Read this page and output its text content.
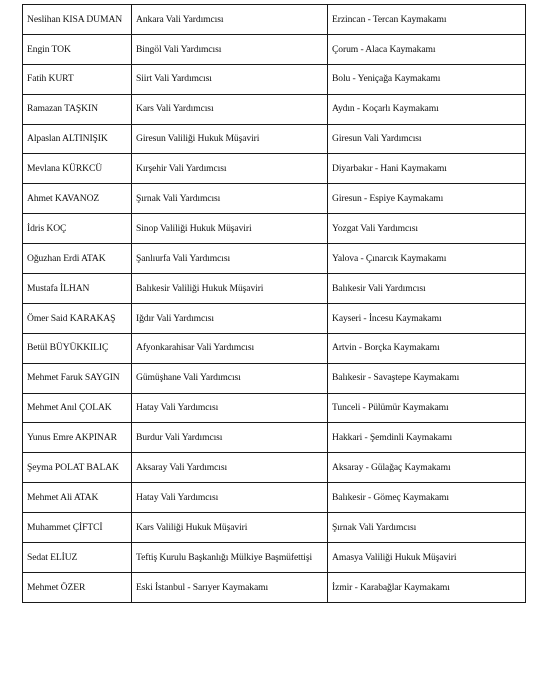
Neslihan KISA DUMAN	Ankara Vali Yardımcısı	Erzincan - Tercan Kaymakamı
Engin TOK	Bingöl Vali Yardımcısı	Çorum - Alaca Kaymakamı
Fatih KURT	Siirt Vali Yardımcısı	Bolu - Yeniçağa Kaymakamı
Ramazan TAŞKIN	Kars Vali Yardımcısı	Aydın - Koçarlı Kaymakamı
Alpaslan ALTINIŞIK	Giresun Valiliği Hukuk Müşaviri	Giresun Vali Yardımcısı
Mevlana KÜRKCÜ	Kırşehir Vali Yardımcısı	Diyarbakır - Hani Kaymakamı
Ahmet KAVANOZ	Şırnak Vali Yardımcısı	Giresun - Espiye Kaymakamı
İdris KOÇ	Sinop Valiliği Hukuk Müşaviri	Yozgat Vali Yardımcısı
Oğuzhan Erdi ATAK	Şanlıurfa Vali Yardımcısı	Yalova - Çınarcık Kaymakamı
Mustafa İLHAN	Balıkesir Valiliği Hukuk Müşaviri	Balıkesir Vali Yardımcısı
Ömer Said KARAKAŞ	Iğdır Vali Yardımcısı	Kayseri - İncesu Kaymakamı
Betül BÜYÜKKILIÇ	Afyonkarahisar Vali Yardımcısı	Artvin - Borçka Kaymakamı
Mehmet Faruk SAYGIN	Gümüşhane Vali Yardımcısı	Balıkesir - Savaştepe Kaymakamı
Mehmet Anıl ÇOLAK	Hatay Vali Yardımcısı	Tunceli - Pülümür Kaymakamı
Yunus Emre AKPINAR	Burdur Vali Yardımcısı	Hakkari - Şemdinli Kaymakamı
Şeyma POLAT BALAK	Aksaray Vali Yardımcısı	Aksaray - Gülağaç Kaymakamı
Mehmet Ali ATAK	Hatay Vali Yardımcısı	Balıkesir - Gömeç Kaymakamı
Muhammet ÇİFTCİ	Kars Valiliği Hukuk Müşaviri	Şırnak Vali Yardımcısı
Sedat ELİUZ	Teftiş Kurulu Başkanlığı Mülkiye Başmüfettişi	Amasya Valiliği Hukuk Müşaviri
Mehmet ÖZER	Eski İstanbul - Sarıyer Kaymakamı	İzmir - Karabağlar Kaymakamı
